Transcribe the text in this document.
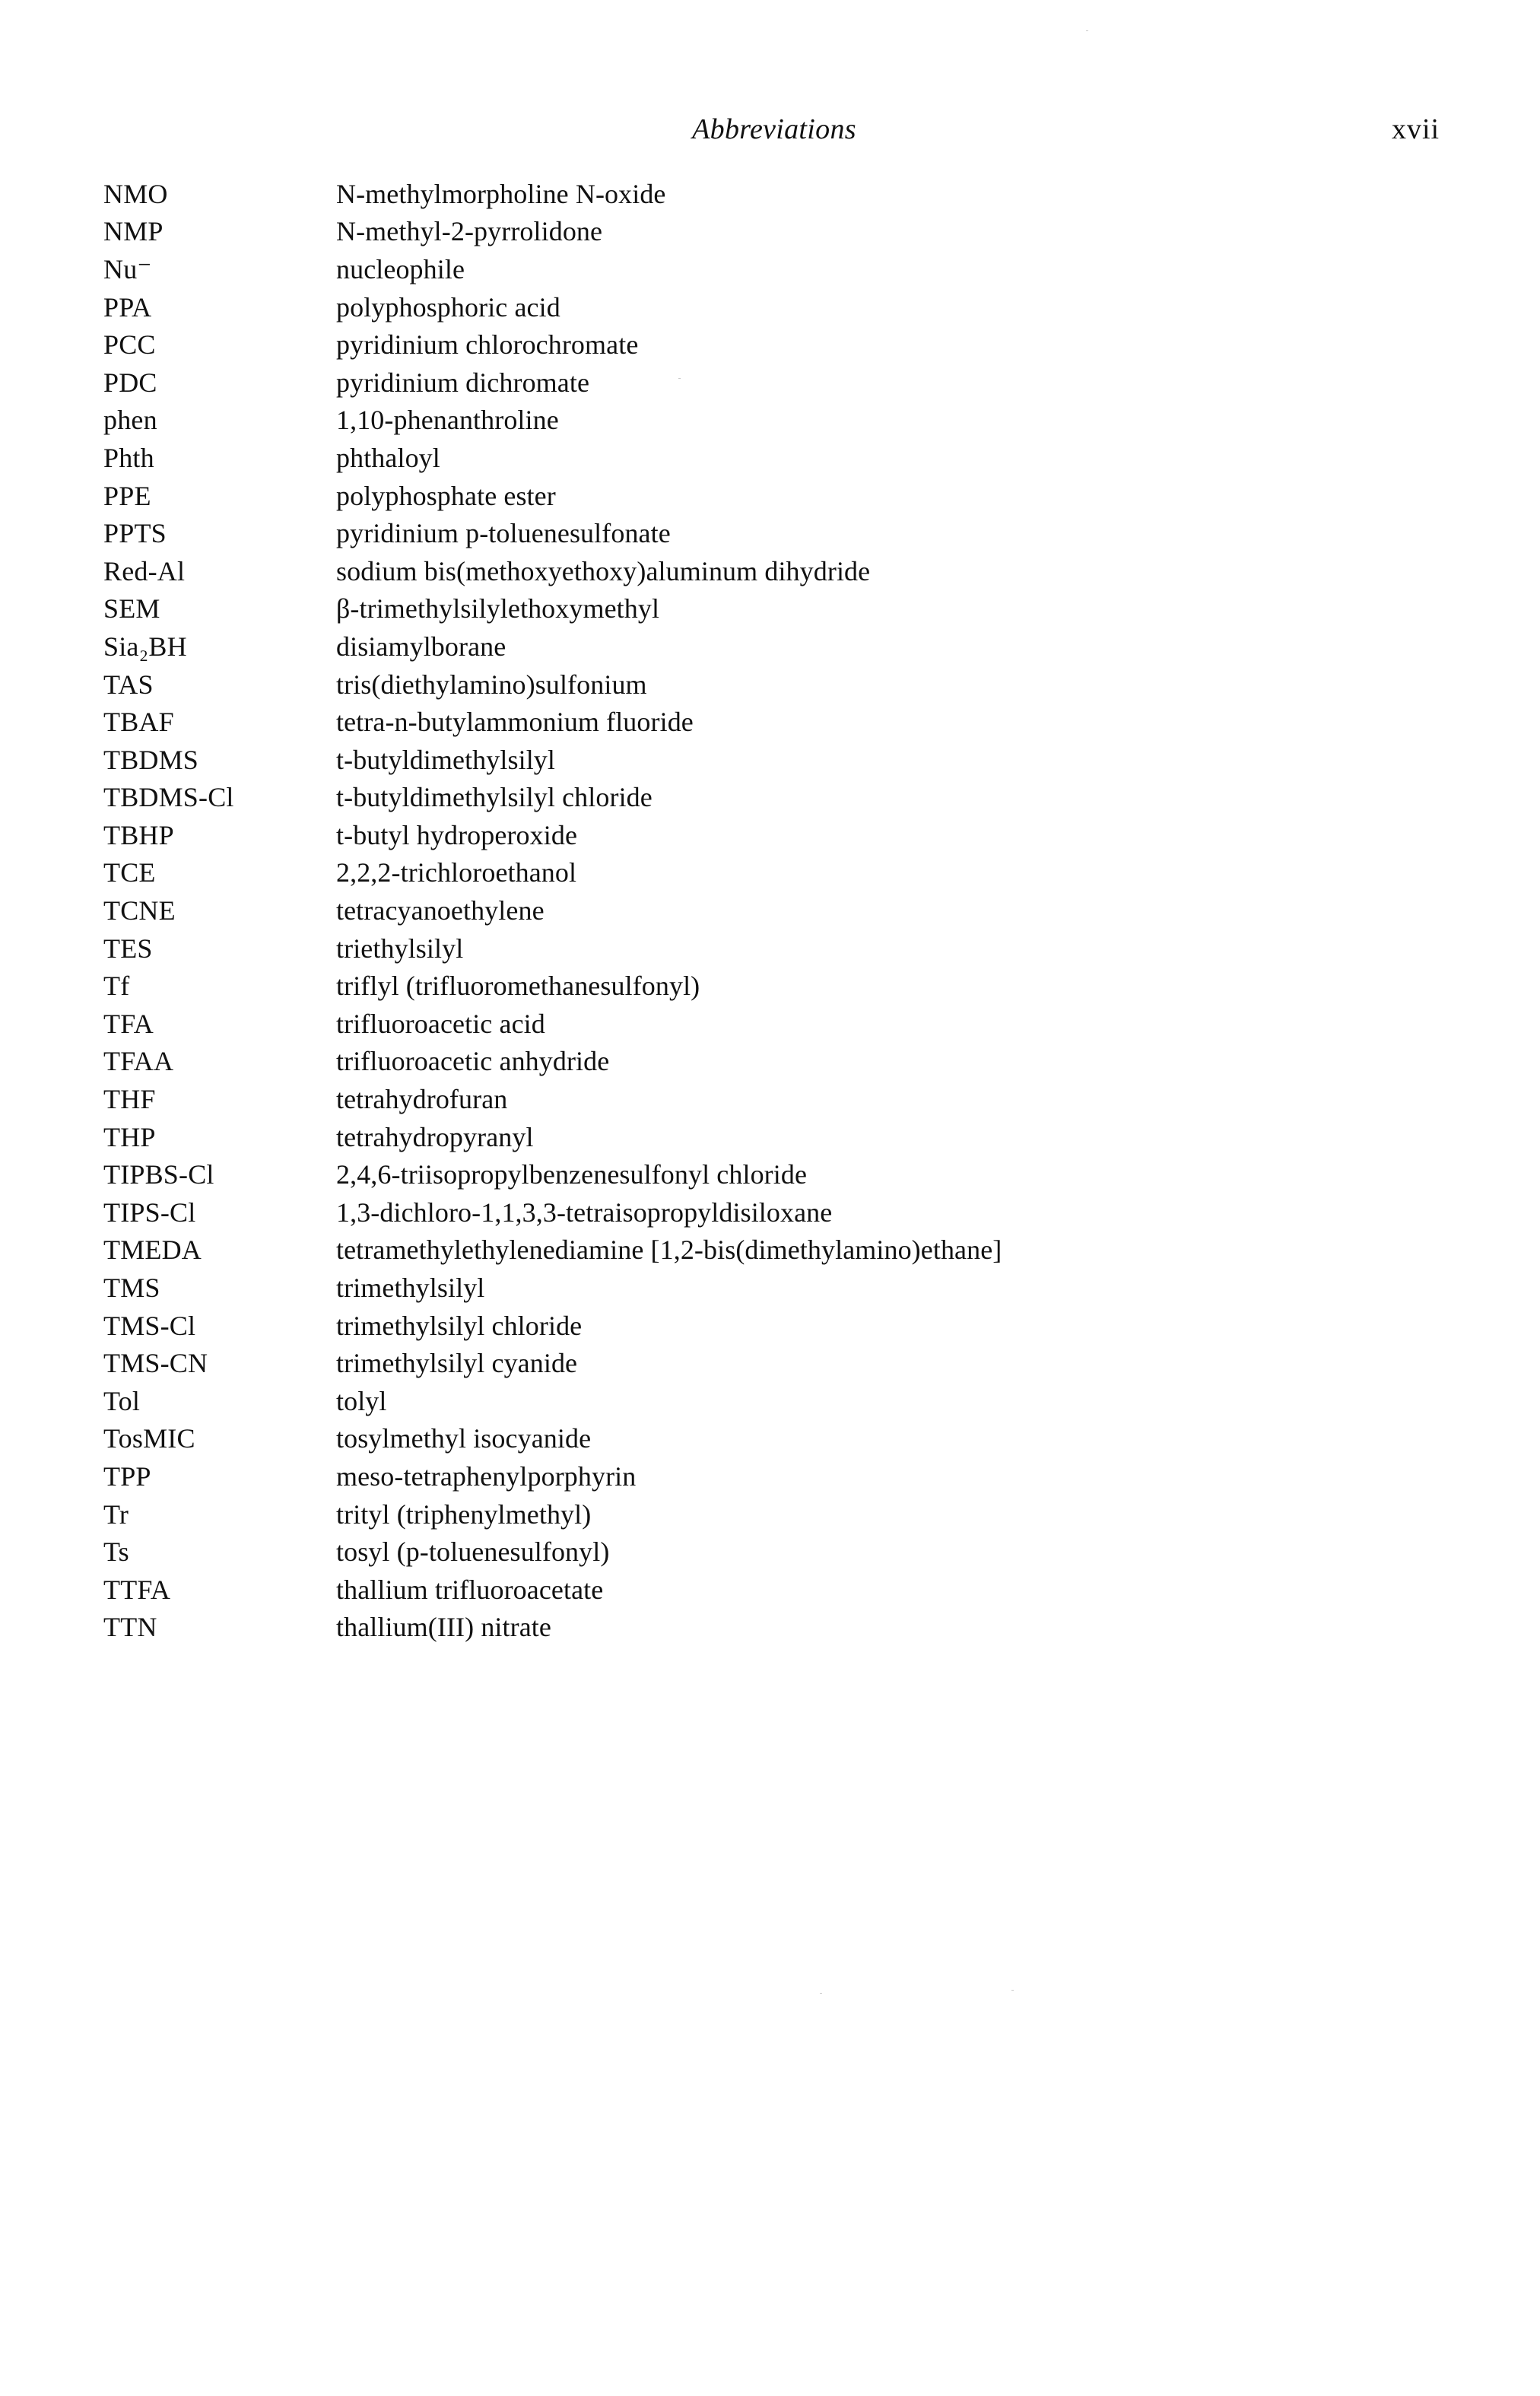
Abbreviations	xvii
NMO	N-methylmorpholine N-oxide
NMP	N-methyl-2-pyrrolidone
Nu⁻	nucleophile
PPA	polyphosphoric acid
PCC	pyridinium chlorochromate
PDC	pyridinium dichromate
phen	1,10-phenanthroline
Phth	phthaloyl
PPE	polyphosphate ester
PPTS	pyridinium p-toluenesulfonate
Red-Al	sodium bis(methoxyethoxy)aluminum dihydride
SEM	β-trimethylsilylethoxymethyl
Sia₂BH	disiamylborane
TAS	tris(diethylamino)sulfonium
TBAF	tetra-n-butylammonium fluoride
TBDMS	t-butyldimethylsilyl
TBDMS-Cl	t-butyldimethylsilyl chloride
TBHP	t-butyl hydroperoxide
TCE	2,2,2-trichloroethanol
TCNE	tetracyanoethylene
TES	triethylsilyl
Tf	triflyl (trifluoromethanesulfonyl)
TFA	trifluoroacetic acid
TFAA	trifluoroacetic anhydride
THF	tetrahydrofuran
THP	tetrahydropyranyl
TIPBS-Cl	2,4,6-triisopropylbenzenesulfonyl chloride
TIPS-Cl	1,3-dichloro-1,1,3,3-tetraisopropyldisiloxane
TMEDA	tetramethylethylenediamine [1,2-bis(dimethylamino)ethane]
TMS	trimethylsilyl
TMS-Cl	trimethylsilyl chloride
TMS-CN	trimethylsilyl cyanide
Tol	tolyl
TosMIC	tosylmethyl isocyanide
TPP	meso-tetraphenylporphyrin
Tr	trityl (triphenylmethyl)
Ts	tosyl (p-toluenesulfonyl)
TTFA	thallium trifluoroacetate
TTN	thallium(III) nitrate
